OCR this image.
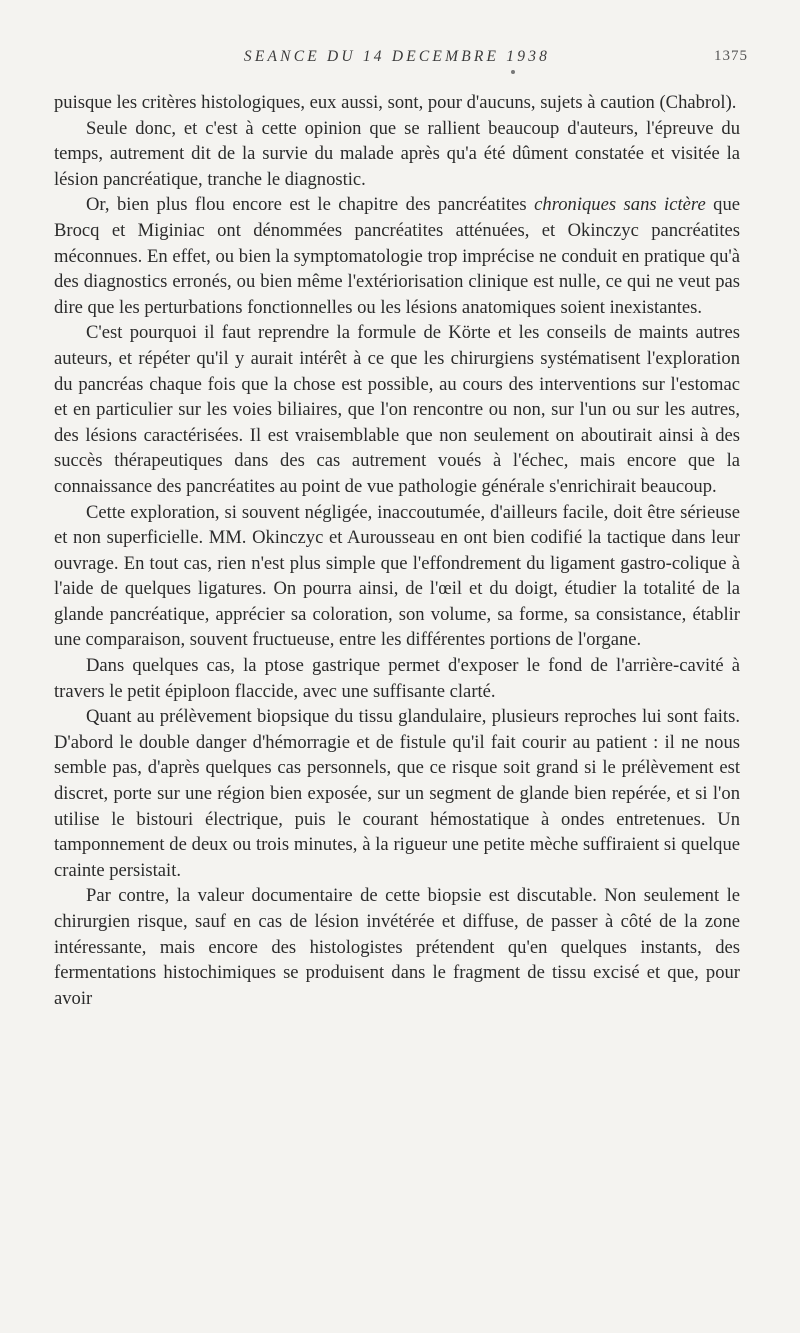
SEANCE DU 14 DECEMBRE 1938	1375

puisque les critères histologiques, eux aussi, sont, pour d'aucuns, sujets à caution (Chabrol).

Seule donc, et c'est à cette opinion que se rallient beaucoup d'auteurs, l'épreuve du temps, autrement dit de la survie du malade après qu'a été dûment constatée et visitée la lésion pancréatique, tranche le diagnostic.

Or, bien plus flou encore est le chapitre des pancréatites chroniques sans ictère que Brocq et Miginiac ont dénommées pancréatites atténuées, et Okinczyc pancréatites méconnues. En effet, ou bien la symptomatologie trop imprécise ne conduit en pratique qu'à des diagnostics erronés, ou bien même l'extériorisation clinique est nulle, ce qui ne veut pas dire que les perturbations fonctionnelles ou les lésions anatomiques soient inexistantes.

C'est pourquoi il faut reprendre la formule de Körte et les conseils de maints autres auteurs, et répéter qu'il y aurait intérêt à ce que les chirurgiens systématisent l'exploration du pancréas chaque fois que la chose est possible, au cours des interventions sur l'estomac et en particulier sur les voies biliaires, que l'on rencontre ou non, sur l'un ou sur les autres, des lésions caractérisées. Il est vraisemblable que non seulement on aboutirait ainsi à des succès thérapeutiques dans des cas autrement voués à l'échec, mais encore que la connaissance des pancréatites au point de vue pathologie générale s'enrichirait beaucoup.

Cette exploration, si souvent négligée, inaccoutumée, d'ailleurs facile, doit être sérieuse et non superficielle. MM. Okinczyc et Aurousseau en ont bien codifié la tactique dans leur ouvrage. En tout cas, rien n'est plus simple que l'effondrement du ligament gastro-colique à l'aide de quelques ligatures. On pourra ainsi, de l'œil et du doigt, étudier la totalité de la glande pancréatique, apprécier sa coloration, son volume, sa forme, sa consistance, établir une comparaison, souvent fructueuse, entre les différentes portions de l'organe.

Dans quelques cas, la ptose gastrique permet d'exposer le fond de l'arrière-cavité à travers le petit épiploon flaccide, avec une suffisante clarté.

Quant au prélèvement biopsique du tissu glandulaire, plusieurs reproches lui sont faits. D'abord le double danger d'hémorragie et de fistule qu'il fait courir au patient : il ne nous semble pas, d'après quelques cas personnels, que ce risque soit grand si le prélèvement est discret, porte sur une région bien exposée, sur un segment de glande bien repérée, et si l'on utilise le bistouri électrique, puis le courant hémostatique à ondes entretenues. Un tamponnement de deux ou trois minutes, à la rigueur une petite mèche suffiraient si quelque crainte persistait.

Par contre, la valeur documentaire de cette biopsie est discutable. Non seulement le chirurgien risque, sauf en cas de lésion invétérée et diffuse, de passer à côté de la zone intéressante, mais encore des histologistes prétendent qu'en quelques instants, des fermentations histochimiques se produisent dans le fragment de tissu excisé et que, pour avoir
